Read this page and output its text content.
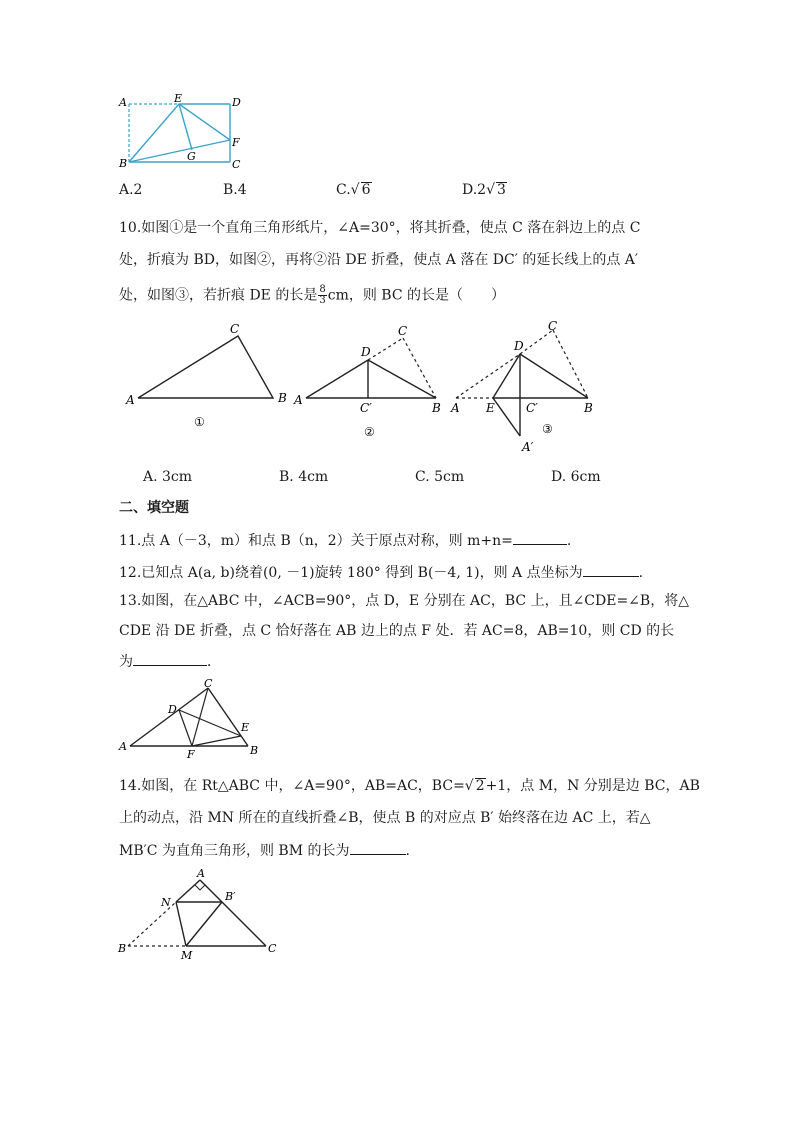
A	E	D
F
G
B	C
A.2	B.4	C.√ 6	D.2√ 3
10.如图①是一个直角三角形纸片，∠A=30°，将其折叠，使点 C 落在斜边上的点 C
处，折痕为 BD，如图②，再将②沿 DE 折叠，使点 A 落在 DC′ 的延长线上的点 A′
处，如图③，若折痕 DE 的长是 $\frac{8}{3}$ cm，则 BC 的长是（　　）
C
A	B
①
C
D
A
B
C′
②
C
D
A E	C′	B
A′
③
A. 3cm	B. 4cm	C. 5cm	D. 6cm
二、填空题
11.点 A（－3，m）和点 B（n，2）关于原点对称，则 m+n=	.
12.已知点 A(a, b)绕着(0, －1)旋转 180° 得到 B(－4, 1)，则 A 点坐标为	.
13.如图，在△ABC 中，∠ACB=90°，点 D，E 分别在 AC，BC 上，且∠CDE=∠B，将△
CDE 沿 DE 折叠，点 C 恰好落在 AB 边上的点 F 处．若 AC=8，AB=10，则 CD 的长
为	．
C
D
E
A
F	B
14.如图，在 Rt△ABC 中，∠A=90°，AB=AC，BC=√ 2+1，点 M，N 分别是边 BC，AB
上的动点，沿 MN 所在的直线折叠∠B，使点 B 的对应点 B′ 始终落在边 AC 上，若△
MB′C 为直角三角形，则 BM 的长为	.
A
B′
N
B
M
C
